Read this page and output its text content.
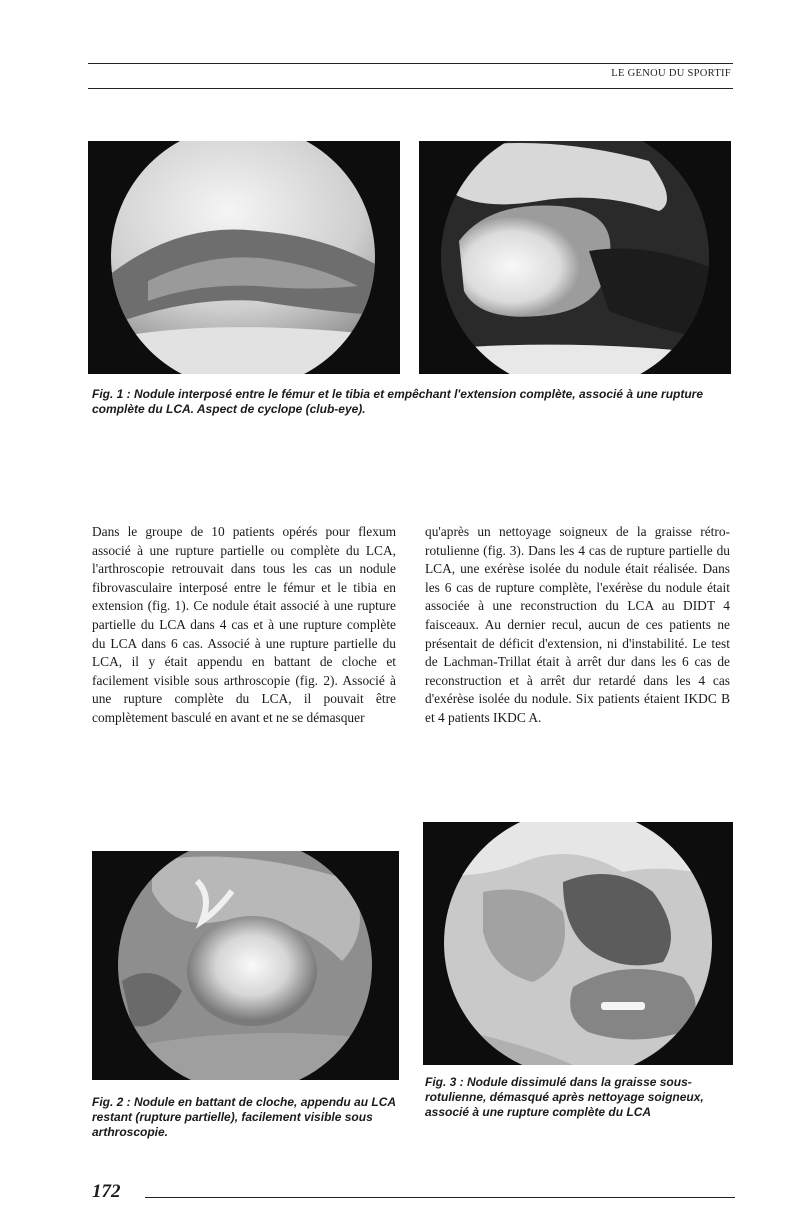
LE GENOU DU SPORTIF
Fig. 1 : Nodule interposé entre le fémur et le tibia et empêchant l'extension complète, associé à une rupture complète du LCA. Aspect de cyclope (club-eye).
Dans le groupe de 10 patients opérés pour flexum associé à une rupture partielle ou complète du LCA, l'arthroscopie retrouvait dans tous les cas un nodule fibrovasculaire interposé entre le fémur et le tibia en extension (fig. 1). Ce nodule était associé à une rupture partielle du LCA dans 4 cas et à une rupture complète du LCA dans 6 cas. Associé à une rupture partielle du LCA, il y était appendu en battant de cloche et facilement visible sous arthroscopie (fig. 2). Associé à une rupture complète du LCA, il pouvait être complètement basculé en avant et ne se démasquer
qu'après un nettoyage soigneux de la graisse rétro-rotulienne (fig. 3). Dans les 4 cas de rupture partielle du LCA, une exérèse isolée du nodule était réalisée. Dans les 6 cas de rupture complète, l'exérèse du nodule était associée à une reconstruction du LCA au DIDT 4 faisceaux. Au dernier recul, aucun de ces patients ne présentait de déficit d'extension, ni d'instabilité. Le test de Lachman-Trillat était à arrêt dur dans les 6 cas de reconstruction et à arrêt dur retardé dans les 4 cas d'exérèse isolée du nodule. Six patients étaient IKDC B et 4 patients IKDC A.
Fig. 2 : Nodule en battant de cloche, appendu au LCA restant (rupture partielle), facilement visible sous arthroscopie.
Fig. 3 : Nodule dissimulé dans la graisse sous-rotulienne, démasqué après nettoyage soigneux, associé à une rupture complète du LCA
172
